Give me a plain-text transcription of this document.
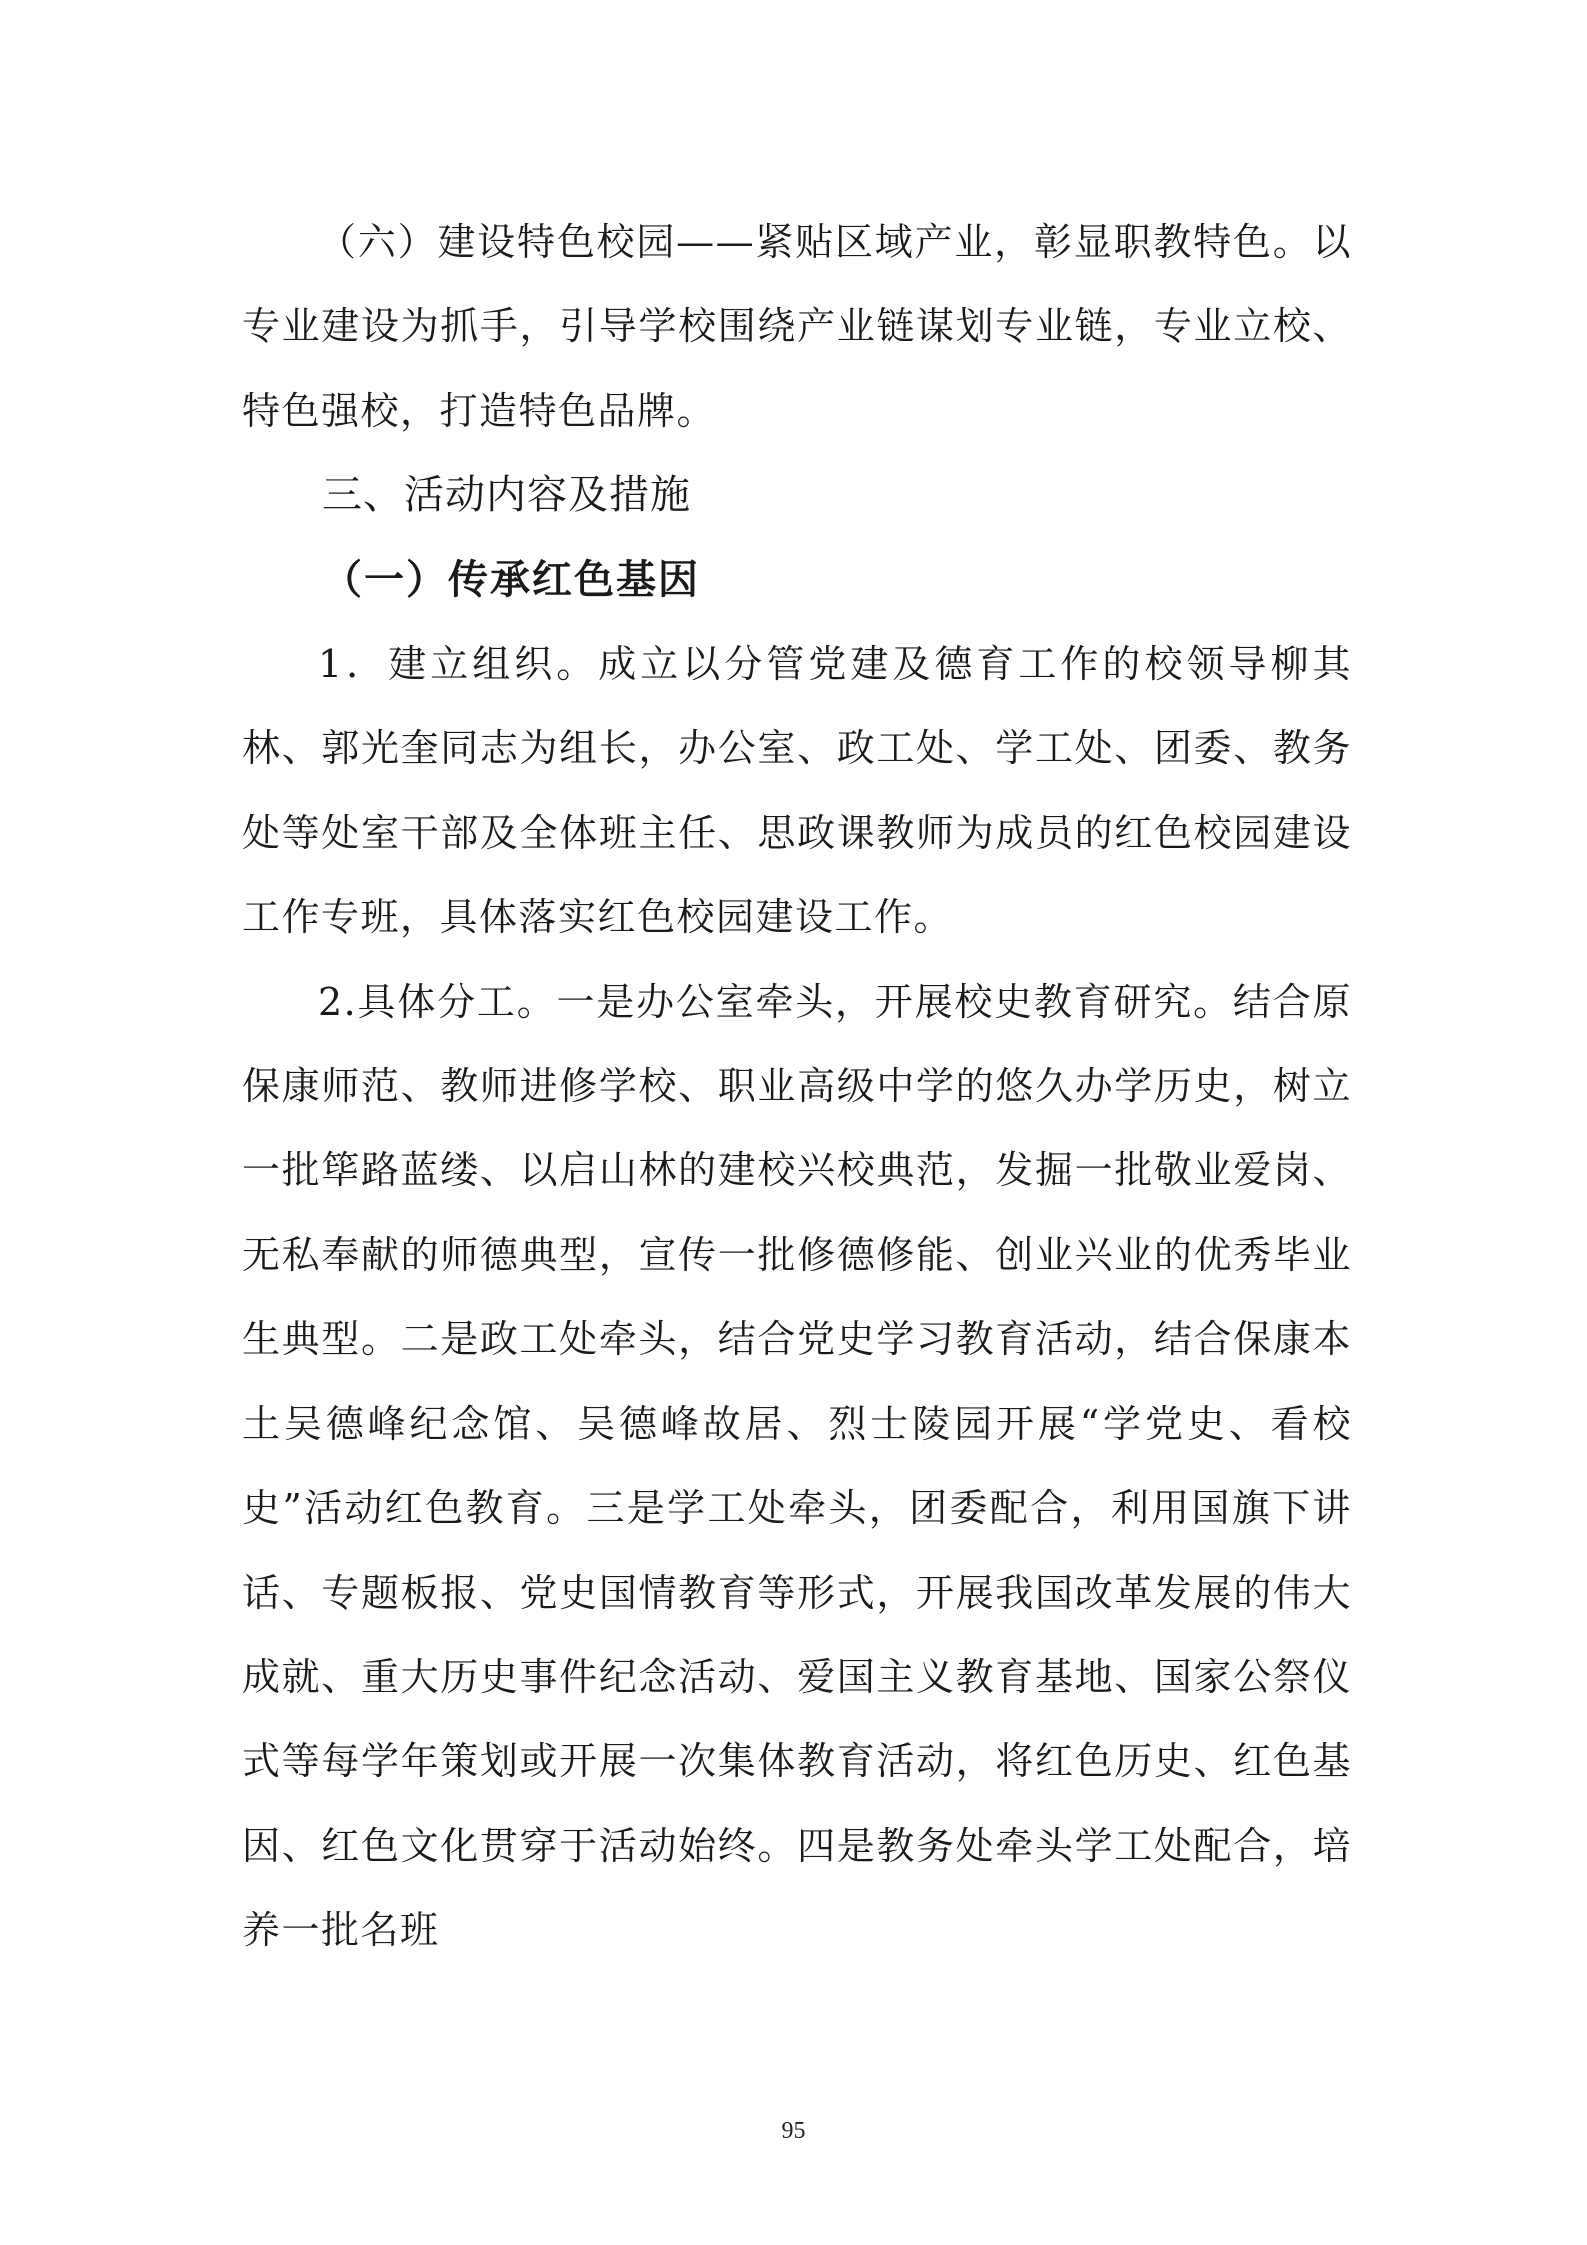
（六）建设特色校园——紧贴区域产业，彰显职教特色。以专业建设为抓手，引导学校围绕产业链谋划专业链，专业立校、特色强校，打造特色品牌。

三、活动内容及措施

（一）传承红色基因

1．建立组织。成立以分管党建及德育工作的校领导柳其林、郭光奎同志为组长，办公室、政工处、学工处、团委、教务处等处室干部及全体班主任、思政课教师为成员的红色校园建设工作专班，具体落实红色校园建设工作。

2.具体分工。一是办公室牵头，开展校史教育研究。结合原保康师范、教师进修学校、职业高级中学的悠久办学历史，树立一批筚路蓝缕、以启山林的建校兴校典范，发掘一批敬业爱岗、无私奉献的师德典型，宣传一批修德修能、创业兴业的优秀毕业生典型。二是政工处牵头，结合党史学习教育活动，结合保康本土吴德峰纪念馆、吴德峰故居、烈士陵园开展“学党史、看校史”活动红色教育。三是学工处牵头，团委配合，利用国旗下讲话、专题板报、党史国情教育等形式，开展我国改革发展的伟大成就、重大历史事件纪念活动、爱国主义教育基地、国家公祭仪式等每学年策划或开展一次集体教育活动，将红色历史、红色基因、红色文化贯穿于活动始终。四是教务处牵头学工处配合，培养一批名班

95
